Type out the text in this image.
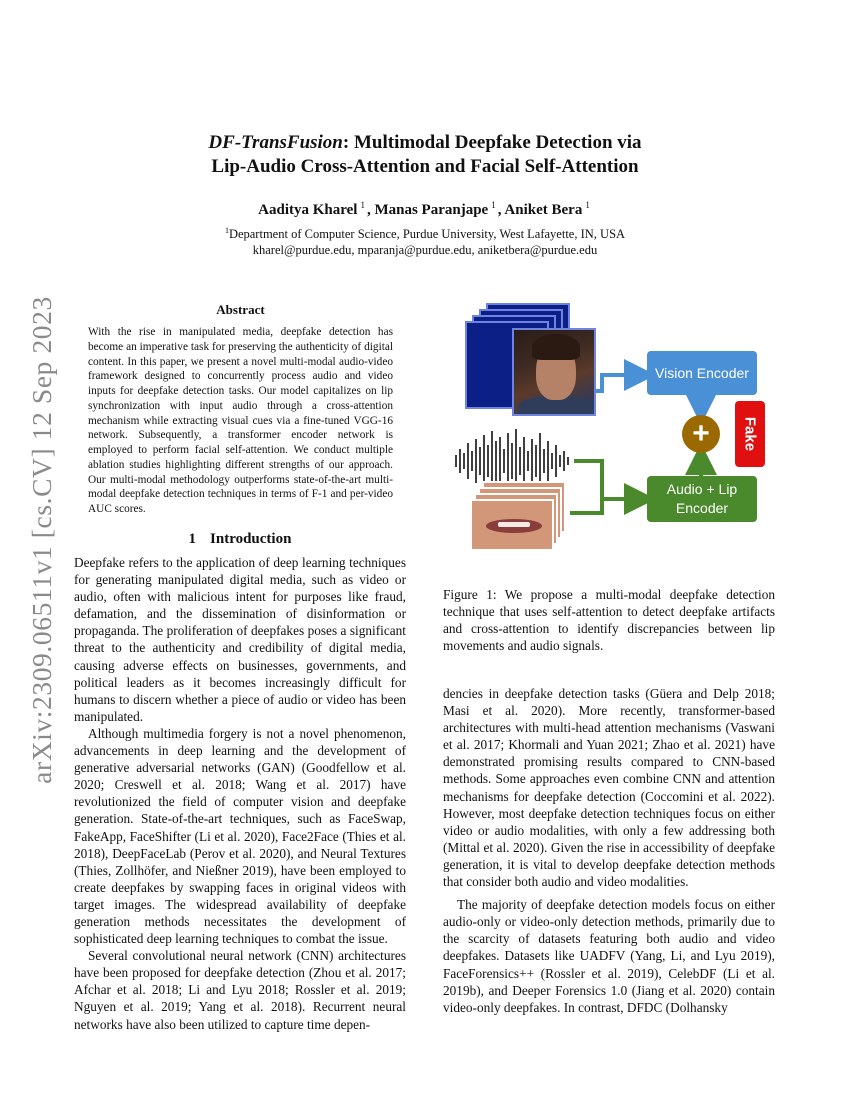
arXiv:2309.06511v1 [cs.CV] 12 Sep 2023
DF-TransFusion: Multimodal Deepfake Detection via
Lip-Audio Cross-Attention and Facial Self-Attention
Aaditya Kharel $^1$ , Manas Paranjape $^1$ , Aniket Bera $^1$
$^1$Department of Computer Science, Purdue University, West Lafayette, IN, USA
kharel@purdue.edu, mparanja@purdue.edu, aniketbera@purdue.edu
Abstract
With the rise in manipulated media, deepfake detection has become an imperative task for preserving the authenticity of digital content. In this paper, we present a novel multi-modal audio-video framework designed to concurrently process audio and video inputs for deepfake detection tasks. Our model capitalizes on lip synchronization with input audio through a cross-attention mechanism while extracting visual cues via a fine-tuned VGG-16 network. Subsequently, a transformer encoder network is employed to perform facial self-attention. We conduct multiple ablation studies highlighting different strengths of our approach. Our multi-modal methodology outperforms state-of-the-art multi-modal deepfake detection techniques in terms of F-1 and per-video AUC scores.
1 Introduction

Deepfake refers to the application of deep learning techniques for generating manipulated digital media, such as video or audio, often with malicious intent for purposes like fraud, defamation, and the dissemination of disinformation or propaganda. The proliferation of deepfakes poses a significant threat to the authenticity and credibility of digital media, causing adverse effects on businesses, governments, and political leaders as it becomes increasingly difficult for humans to discern whether a piece of audio or video has been manipulated.

Although multimedia forgery is not a novel phenomenon, advancements in deep learning and the development of generative adversarial networks (GAN) (Goodfellow et al. 2020; Creswell et al. 2018; Wang et al. 2017) have revolutionized the field of computer vision and deepfake generation. State-of-the-art techniques, such as FaceSwap, FakeApp, FaceShifter (Li et al. 2020), Face2Face (Thies et al. 2018), DeepFaceLab (Perov et al. 2020), and Neural Textures (Thies, Zollhöfer, and Nießner 2019), have been employed to create deepfakes by swapping faces in original videos with target images. The widespread availability of deepfake generation methods necessitates the development of sophisticated deep learning techniques to combat the issue.

Several convolutional neural network (CNN) architectures have been proposed for deepfake detection (Zhou et al. 2017; Afchar et al. 2018; Li and Lyu 2018; Rossler et al. 2019; Nguyen et al. 2019; Yang et al. 2018). Recurrent neural networks have also been utilized to capture time depen-

Vision Encoder
Audio + Lip
Encoder
+	Fake
Figure 1: We propose a multi-modal deepfake detection technique that uses self-attention to detect deepfake artifacts and cross-attention to identify discrepancies between lip movements and audio signals.

dencies in deepfake detection tasks (Güera and Delp 2018; Masi et al. 2020). More recently, transformer-based architectures with multi-head attention mechanisms (Vaswani et al. 2017; Khormali and Yuan 2021; Zhao et al. 2021) have demonstrated promising results compared to CNN-based methods. Some approaches even combine CNN and attention mechanisms for deepfake detection (Coccomini et al. 2022). However, most deepfake detection techniques focus on either video or audio modalities, with only a few addressing both (Mittal et al. 2020). Given the rise in accessibility of deepfake generation, it is vital to develop deepfake detection methods that consider both audio and video modalities.

The majority of deepfake detection models focus on either audio-only or video-only detection methods, primarily due to the scarcity of datasets featuring both audio and video deepfakes. Datasets like UADFV (Yang, Li, and Lyu 2019), FaceForensics++ (Rossler et al. 2019), CelebDF (Li et al. 2019b), and Deeper Forensics 1.0 (Jiang et al. 2020) contain video-only deepfakes. In contrast, DFDC (Dolhansky
